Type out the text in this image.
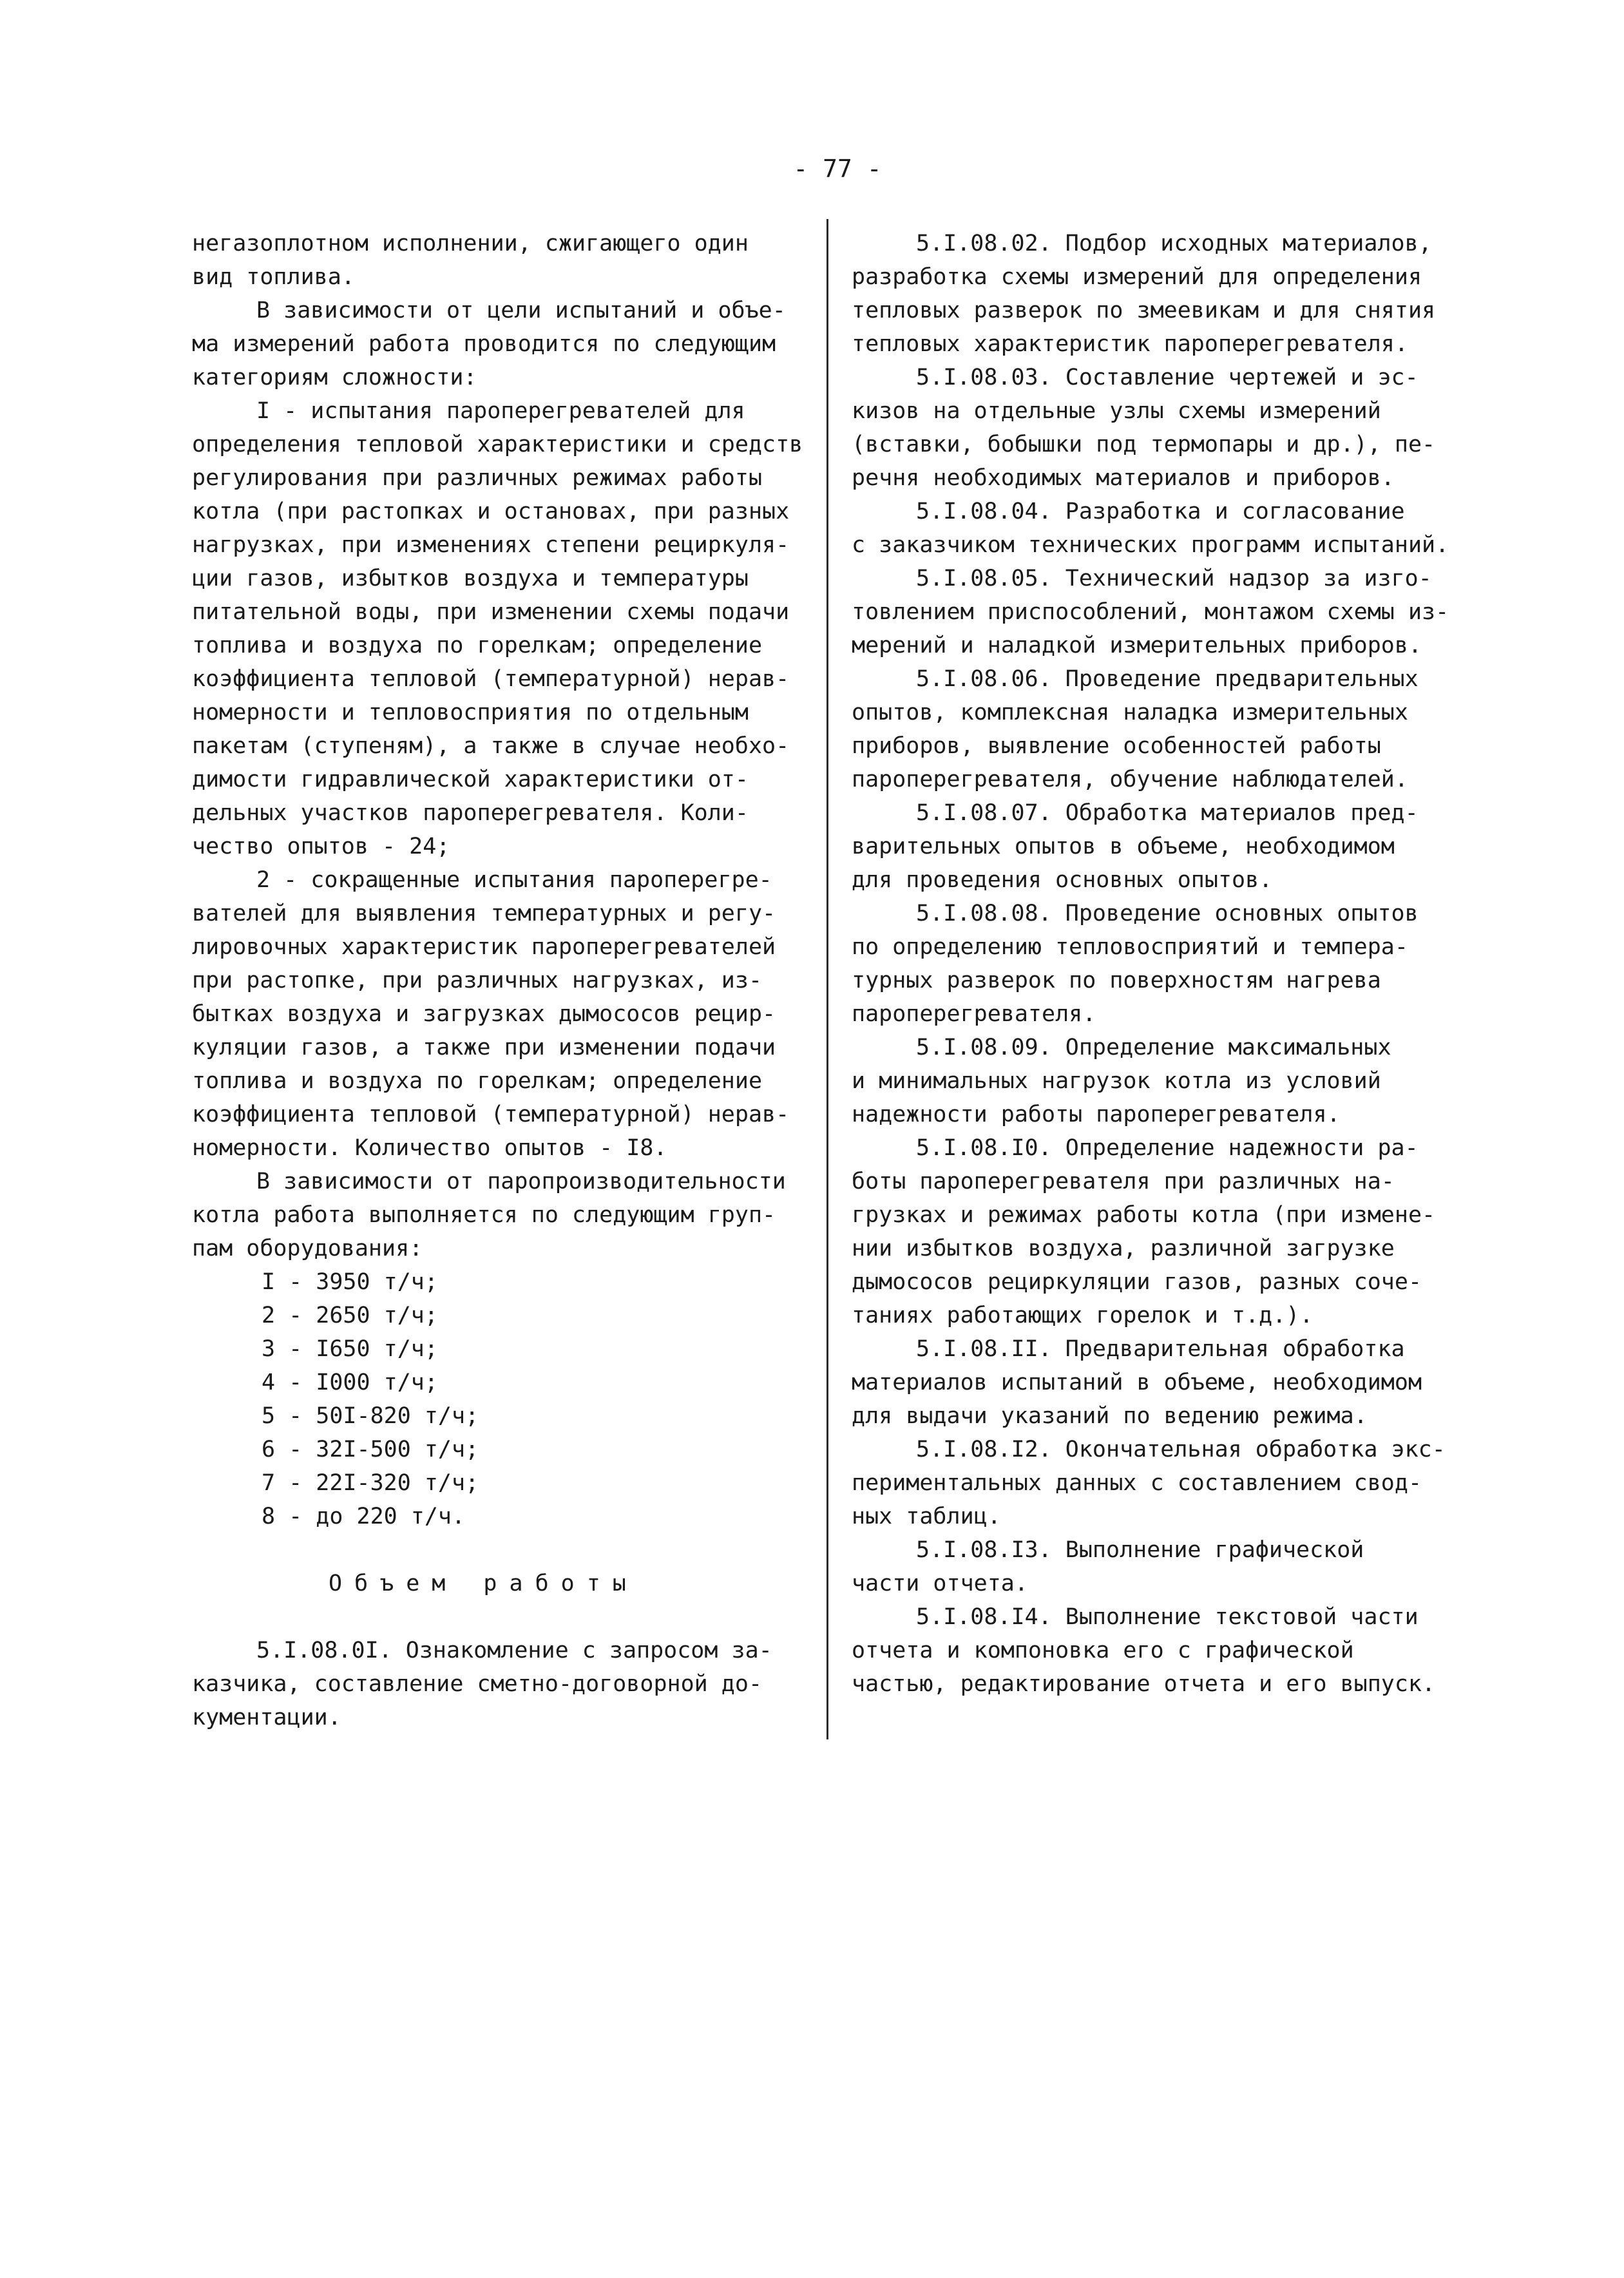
- 77 -
негазоплотном исполнении, сжигающего один
вид топлива.
В зависимости от цели испытаний и объе-
ма измерений работа проводится по следующим
категориям сложности:
I - испытания пароперегревателей для
определения тепловой характеристики и средств
регулирования при различных режимах работы
котла (при растопках и остановах, при разных
нагрузках, при изменениях степени рециркуля-
ции газов, избытков воздуха и температуры
питательной воды, при изменении схемы подачи
топлива и воздуха по горелкам; определение
коэффициента тепловой (температурной) нерав-
номерности и тепловосприятия по отдельным
пакетам (ступеням), а также в случае необхо-
димости гидравлической характеристики от-
дельных участков пароперегревателя. Коли-
чество опытов - 24;
2 - сокращенные испытания пароперегре-
вателей для выявления температурных и регу-
лировочных характеристик пароперегревателей
при растопке, при различных нагрузках, из-
бытках воздуха и загрузках дымососов рецир-
куляции газов, а также при изменении подачи
топлива и воздуха по горелкам; определение
коэффициента тепловой (температурной) нерав-
номерности. Количество опытов - I8.
В зависимости от паропроизводительности
котла работа выполняется по следующим груп-
пам оборудования:
I - 3950 т/ч;
2 - 2650 т/ч;
3 - I650 т/ч;
4 - I000 т/ч;
5 - 50I-820 т/ч;
6 - 32I-500 т/ч;
7 - 22I-320 т/ч;
8 - до 220 т/ч.
Объем работы
5.I.08.0I. Ознакомление с запросом за-
казчика, составление сметно-договорной до-
кументации.
5.I.08.02. Подбор исходных материалов,
разработка схемы измерений для определения
тепловых разверок по змеевикам и для снятия
тепловых характеристик пароперегревателя.
5.I.08.03. Составление чертежей и эс-
кизов на отдельные узлы схемы измерений
(вставки, бобышки под термопары и др.), пе-
речня необходимых материалов и приборов.
5.I.08.04. Разработка и согласование
с заказчиком технических программ испытаний.
5.I.08.05. Технический надзор за изго-
товлением приспособлений, монтажом схемы из-
мерений и наладкой измерительных приборов.
5.I.08.06. Проведение предварительных
опытов, комплексная наладка измерительных
приборов, выявление особенностей работы
пароперегревателя, обучение наблюдателей.
5.I.08.07. Обработка материалов пред-
варительных опытов в объеме, необходимом
для проведения основных опытов.
5.I.08.08. Проведение основных опытов
по определению тепловосприятий и темпера-
турных разверок по поверхностям нагрева
пароперегревателя.
5.I.08.09. Определение максимальных
и минимальных нагрузок котла из условий
надежности работы пароперегревателя.
5.I.08.I0. Определение надежности ра-
боты пароперегревателя при различных на-
грузках и режимах работы котла (при измене-
нии избытков воздуха, различной загрузке
дымососов рециркуляции газов, разных соче-
таниях работающих горелок и т.д.).
5.I.08.II. Предварительная обработка
материалов испытаний в объеме, необходимом
для выдачи указаний по ведению режима.
5.I.08.I2. Окончательная обработка экс-
периментальных данных с составлением свод-
ных таблиц.
5.I.08.I3. Выполнение графической
части отчета.
5.I.08.I4. Выполнение текстовой части
отчета и компоновка его с графической
частью, редактирование отчета и его выпуск.
